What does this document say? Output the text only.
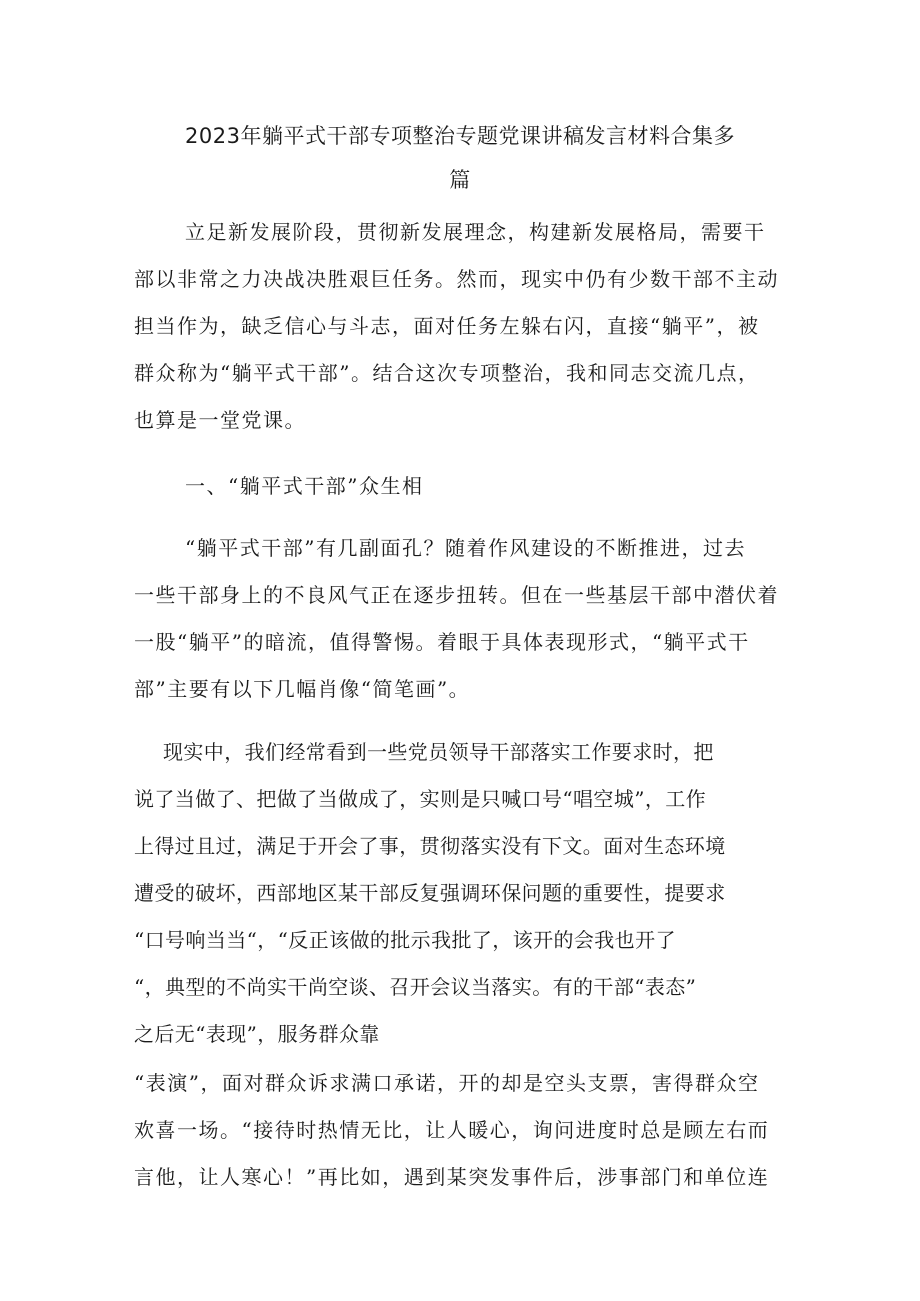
2023年躺平式干部专项整治专题党课讲稿发言材料合集多
篇

立足新发展阶段，贯彻新发展理念，构建新发展格局，需要干

部以非常之力决战决胜艰巨任务。然而，现实中仍有少数干部不主动

担当作为，缺乏信心与斗志，面对任务左躲右闪，直接“躺平”，被

群众称为“躺平式干部”。结合这次专项整治，我和同志交流几点，

也算是一堂党课。

一、“躺平式干部”众生相

“躺平式干部”有几副面孔？随着作风建设的不断推进，过去

一些干部身上的不良风气正在逐步扭转。但在一些基层干部中潜伏着

一股“躺平”的暗流，值得警惕。着眼于具体表现形式，“躺平式干

部”主要有以下几幅肖像“简笔画”。

现实中，我们经常看到一些党员领导干部落实工作要求时，把

说了当做了、把做了当做成了，实则是只喊口号“唱空城”，工作

上得过且过，满足于开会了事，贯彻落实没有下文。面对生态环境

遭受的破坏，西部地区某干部反复强调环保问题的重要性，提要求

“口号响当当“，“反正该做的批示我批了，该开的会我也开了

“，典型的不尚实干尚空谈、召开会议当落实。有的干部“表态”

之后无“表现”，服务群众靠

“表演”，面对群众诉求满口承诺，开的却是空头支票，害得群众空

欢喜一场。“接待时热情无比，让人暖心，询问进度时总是顾左右而

言他，让人寒心！”再比如，遇到某突发事件后，涉事部门和单位连
